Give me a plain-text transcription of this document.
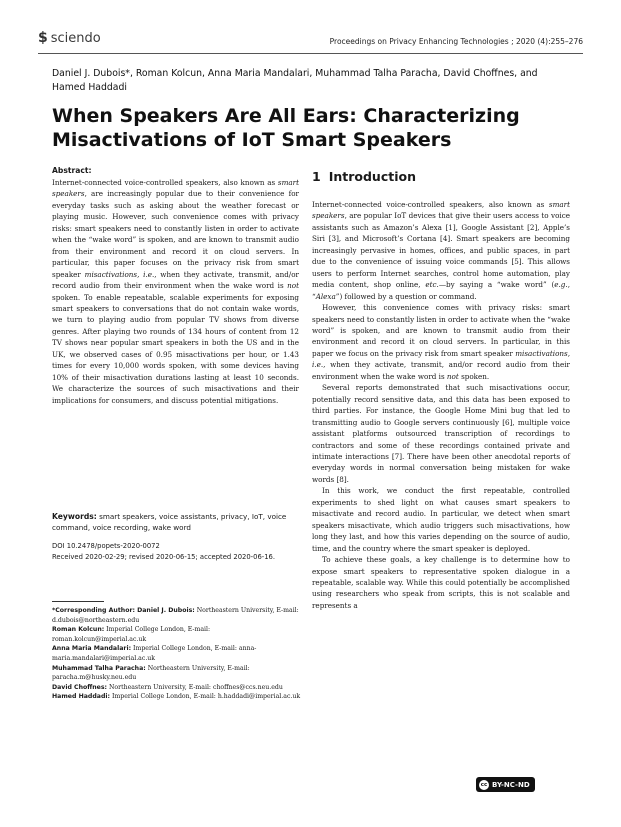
$ sciendo	Proceedings on Privacy Enhancing Technologies ; 2020 (4):255–276
Daniel J. Dubois*, Roman Kolcun, Anna Maria Mandalari, Muhammad Talha Paracha, David Choffnes, and Hamed Haddadi
When Speakers Are All Ears: Characterizing Misactivations of IoT Smart Speakers
Abstract:
Internet-connected voice-controlled speakers, also known as smart speakers, are increasingly popular due to their convenience for everyday tasks such as asking about the weather forecast or playing music. However, such convenience comes with privacy risks: smart speakers need to constantly listen in order to activate when the “wake word” is spoken, and are known to transmit audio from their environment and record it on cloud servers. In particular, this paper focuses on the privacy risk from smart speaker misactivations, i.e., when they activate, transmit, and/or record audio from their environment when the wake word is not spoken. To enable repeatable, scalable experiments for exposing smart speakers to conversations that do not contain wake words, we turn to playing audio from popular TV shows from diverse genres. After playing two rounds of 134 hours of content from 12 TV shows near popular smart speakers in both the US and in the UK, we observed cases of 0.95 misactivations per hour, or 1.43 times for every 10,000 words spoken, with some devices having 10% of their misactivation durations lasting at least 10 seconds. We characterize the sources of such misactivations and their implications for consumers, and discuss potential mitigations.
Keywords: smart speakers, voice assistants, privacy, IoT, voice command, voice recording, wake word
DOI 10.2478/popets-2020-0072
Received 2020-02-29; revised 2020-06-15; accepted 2020-06-16.
*Corresponding Author: Daniel J. Dubois: Northeastern University, E-mail: d.dubois@northeastern.edu
Roman Kolcun: Imperial College London, E-mail: roman.kolcun@imperial.ac.uk
Anna Maria Mandalari: Imperial College London, E-mail: anna-maria.mandalari@imperial.ac.uk
Muhammad Talha Paracha: Northeastern University, E-mail: paracha.m@husky.neu.edu
David Choffnes: Northeastern University, E-mail: choffnes@ccs.neu.edu
Hamed Haddadi: Imperial College London, E-mail: h.haddadi@imperial.ac.uk
1 Introduction

Internet-connected voice-controlled speakers, also known as smart speakers, are popular IoT devices that give their users access to voice assistants such as Amazon’s Alexa [1], Google Assistant [2], Apple’s Siri [3], and Microsoft’s Cortana [4]. Smart speakers are becoming increasingly pervasive in homes, offices, and public spaces, in part due to the convenience of issuing voice commands [5]. This allows users to perform Internet searches, control home automation, play media content, shop online, etc.—by saying a “wake word” (e.g., “Alexa”) followed by a question or command.

However, this convenience comes with privacy risks: smart speakers need to constantly listen in order to activate when the “wake word” is spoken, and are known to transmit audio from their environment and record it on cloud servers. In particular, in this paper we focus on the privacy risk from smart speaker misactivations, i.e., when they activate, transmit, and/or record audio from their environment when the wake word is not spoken.

Several reports demonstrated that such misactivations occur, potentially record sensitive data, and this data has been exposed to third parties. For instance, the Google Home Mini bug that led to transmitting audio to Google servers continuously [6], multiple voice assistant platforms outsourced transcription of recordings to contractors and some of these recordings contained private and intimate interactions [7]. There have been other anecdotal reports of everyday words in normal conversation being mistaken for wake words [8].

In this work, we conduct the first repeatable, controlled experiments to shed light on what causes smart speakers to misactivate and record audio. In particular, we detect when smart speakers misactivate, which audio triggers such misactivations, how long they last, and how this varies depending on the source of audio, time, and the country where the smart speaker is deployed.

To achieve these goals, a key challenge is to determine how to expose smart speakers to representative spoken dialogue in a repeatable, scalable way. While this could potentially be accomplished using researchers who speak from scripts, this is not scalable and represents a

cc BY-NC-ND
